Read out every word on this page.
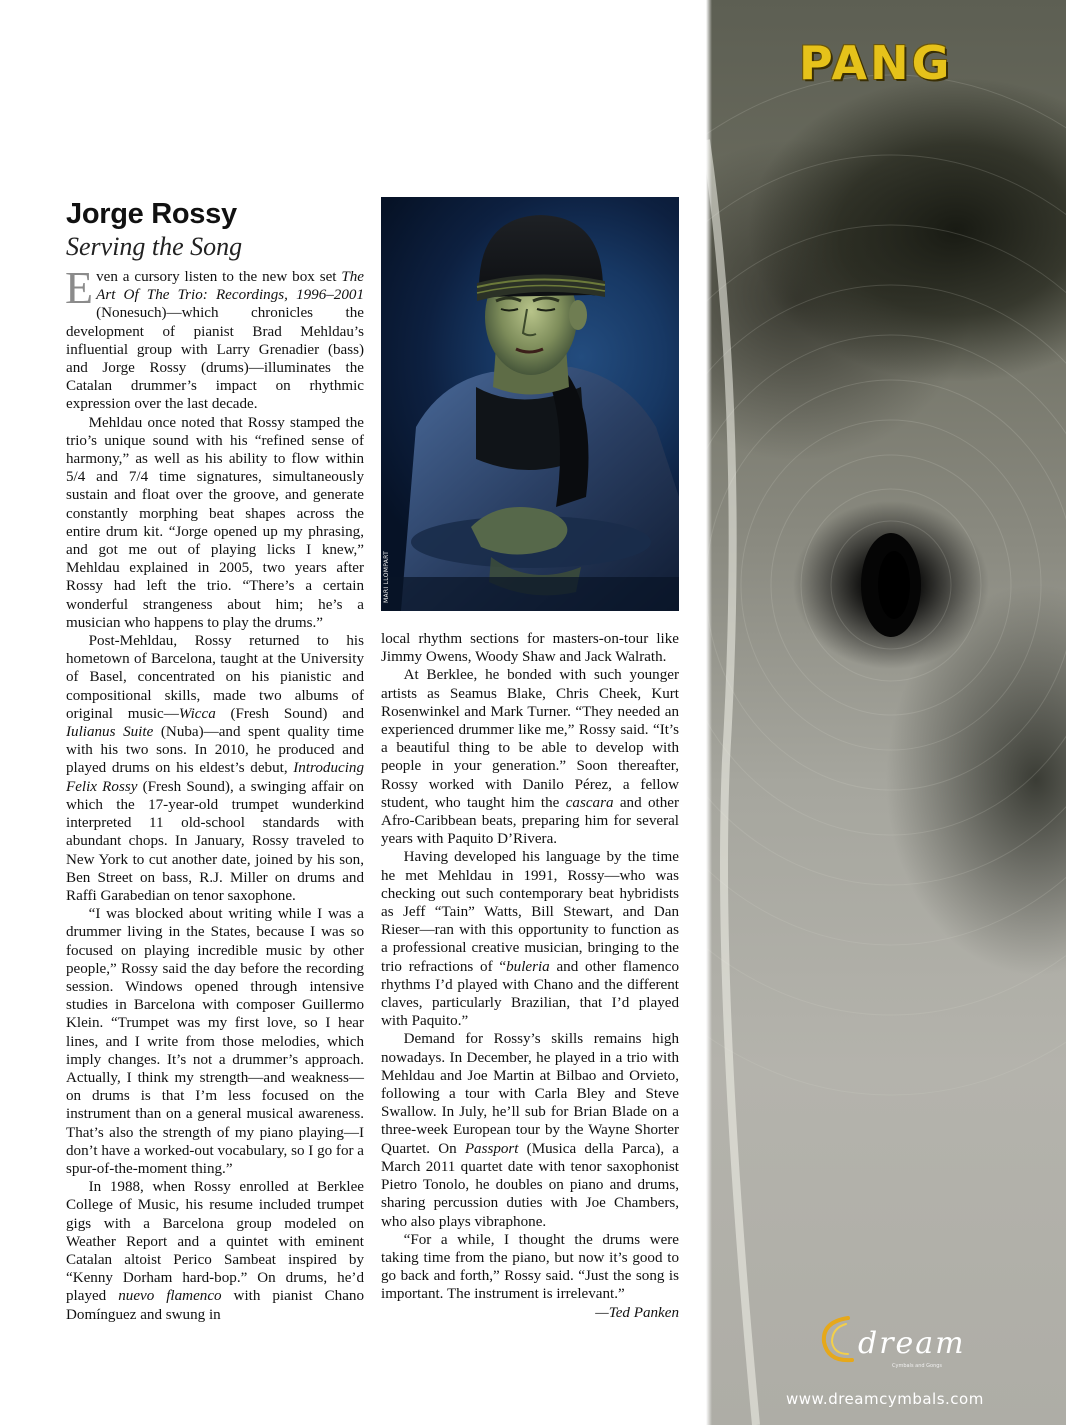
Jorge Rossy
Serving the Song

Even a cursory listen to the new box set The Art Of The Trio: Recordings, 1996–2001 (Nonesuch)—which chronicles the development of pianist Brad Mehldau’s influential group with Larry Grenadier (bass) and Jorge Rossy (drums)—illuminates the Catalan drummer’s impact on rhythmic expression over the last decade.

Mehldau once noted that Rossy stamped the trio’s unique sound with his “refined sense of harmony,” as well as his ability to flow within 5/4 and 7/4 time signatures, simultaneously sustain and float over the groove, and generate constantly morphing beat shapes across the entire drum kit. “Jorge opened up my phrasing, and got me out of playing licks I knew,” Mehldau explained in 2005, two years after Rossy had left the trio. “There’s a certain wonderful strangeness about him; he’s a musician who happens to play the drums.”

Post-Mehldau, Rossy returned to his hometown of Barcelona, taught at the University of Basel, concentrated on his pianistic and compositional skills, made two albums of original music—Wicca (Fresh Sound) and Iulianus Suite (Nuba)—and spent quality time with his two sons. In 2010, he produced and played drums on his eldest’s debut, Introducing Felix Rossy (Fresh Sound), a swinging affair on which the 17-year-old trumpet wunderkind interpreted 11 old-school standards with abundant chops. In January, Rossy traveled to New York to cut another date, joined by his son, Ben Street on bass, R.J. Miller on drums and Raffi Garabedian on tenor saxophone.

“I was blocked about writing while I was a drummer living in the States, because I was so focused on playing incredible music by other people,” Rossy said the day before the recording session. Windows opened through intensive studies in Barcelona with composer Guillermo Klein. “Trumpet was my first love, so I hear lines, and I write from those melodies, which imply changes. It’s not a drummer’s approach. Actually, I think my strength—and weakness—on drums is that I’m less focused on the instrument than on a general musical awareness. That’s also the strength of my piano playing—I don’t have a worked-out vocabulary, so I go for a spur-of-the-moment thing.”

In 1988, when Rossy enrolled at Berklee College of Music, his resume included trumpet gigs with a Barcelona group modeled on Weather Report and a quintet with eminent Catalan altoist Perico Sambeat inspired by “Kenny Dorham hard-bop.” On drums, he’d played nuevo flamenco with pianist Chano Domínguez and swung in

MARI LLOMPART

local rhythm sections for masters-on-tour like Jimmy Owens, Woody Shaw and Jack Walrath.

At Berklee, he bonded with such younger artists as Seamus Blake, Chris Cheek, Kurt Rosenwinkel and Mark Turner. “They needed an experienced drummer like me,” Rossy said. “It’s a beautiful thing to be able to develop with people in your generation.” Soon thereafter, Rossy worked with Danilo Pérez, a fellow student, who taught him the cascara and other Afro-Caribbean beats, preparing him for several years with Paquito D’Rivera.

Having developed his language by the time he met Mehldau in 1991, Rossy—who was checking out such contemporary beat hybridists as Jeff “Tain” Watts, Bill Stewart, and Dan Rieser—ran with this opportunity to function as a professional creative musician, bringing to the trio refractions of “buleria and other flamenco rhythms I’d played with Chano and the different claves, particularly Brazilian, that I’d played with Paquito.”

Demand for Rossy’s skills remains high nowadays. In December, he played in a trio with Mehldau and Joe Martin at Bilbao and Orvieto, following a tour with Carla Bley and Steve Swallow. In July, he’ll sub for Brian Blade on a three-week European tour by the Wayne Shorter Quartet. On Passport (Musica della Parca), a March 2011 quartet date with tenor saxophonist Pietro Tonolo, he doubles on piano and drums, sharing percussion duties with Joe Chambers, who also plays vibraphone.

“For a while, I thought the drums were taking time from the piano, but now it’s good to go back and forth,” Rossy said. “Just the song is important. The instrument is irrelevant.”

—Ted Panken

PANG
dream
Cymbals and Gongs
www.dreamcymbals.com
